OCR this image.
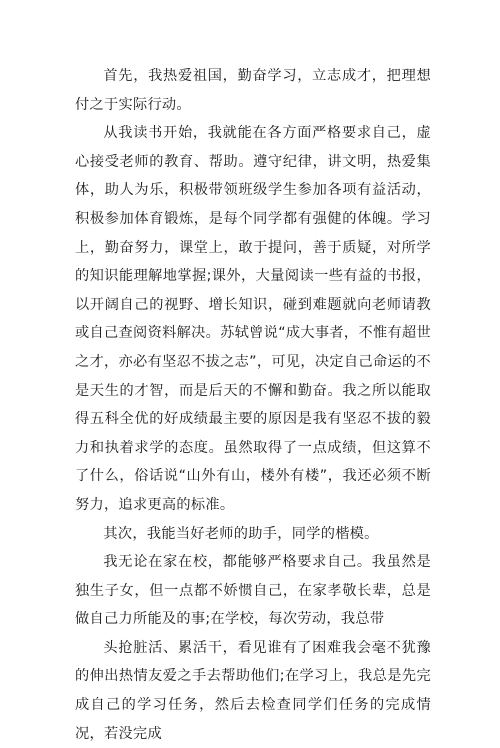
首先，我热爱祖国，勤奋学习，立志成才，把理想付之于实际行动。

从我读书开始，我就能在各方面严格要求自己，虚心接受老师的教育、帮助。遵守纪律，讲文明，热爱集体，助人为乐，积极带领班级学生参加各项有益活动，积极参加体育锻炼，是每个同学都有强健的体魄。学习上，勤奋努力，课堂上，敢于提问，善于质疑，对所学的知识能理解地掌握;课外，大量阅读一些有益的书报，以开阔自己的视野、增长知识，碰到难题就向老师请教或自己查阅资料解决。苏轼曾说“成大事者，不惟有超世之才，亦必有坚忍不拔之志”，可见，决定自己命运的不是天生的才智，而是后天的不懈和勤奋。我之所以能取得五科全优的好成绩最主要的原因是我有坚忍不拔的毅力和执着求学的态度。虽然取得了一点成绩，但这算不了什么，俗话说“山外有山，楼外有楼”，我还必须不断努力，追求更高的标准。

其次，我能当好老师的助手，同学的楷模。

我无论在家在校，都能够严格要求自己。我虽然是独生子女，但一点都不娇惯自己，在家孝敬长辈，总是做自己力所能及的事;在学校，每次劳动，我总带

头抢脏活、累活干，看见谁有了困难我会毫不犹豫的伸出热情友爱之手去帮助他们;在学习上，我总是先完成自己的学习任务，然后去检查同学们任务的完成情况，若没完成
